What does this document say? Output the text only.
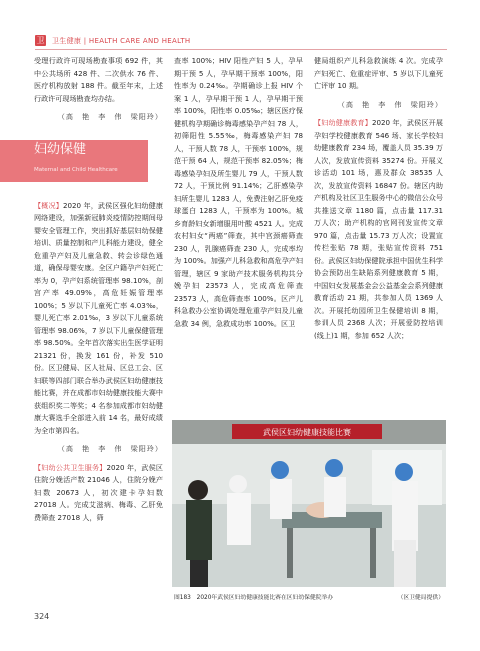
卫 卫生健康 | HEALTH CARE AND HEALTH

受理行政许可现场勘查事项 692 件，其中公共场所 428 件、二次供水 76 件、医疗机构放射 188 件。截至年末，上述行政许可现场勘查均办结。

（高　艳　李　伟　梁阳玲）
妇幼保健
Maternal and Child Healthcare

【概况】2020 年，武侯区强化妇幼健康网络建设，加强新冠肺炎疫情防控期间母婴安全管理工作，突出抓好基层妇幼保健培训、质量控制和产儿科能力建设，健全危重孕产妇及儿童急救、转会诊绿色通道，确保母婴安康。全区户籍孕产妇死亡率为 0，孕产妇系统管理率 98.10%，剖宫产率 49.09%，高危妊娠管理率 100%；5 岁以下儿童死亡率 4.03‰，婴儿死亡率 2.01‰，3 岁以下儿童系统管理率 98.06%，7 岁以下儿童保健管理率 98.50%。全年首次落实出生医学证明 21321 份，换发 161 份，补发 510 份。区卫健局、区人社局、区总工会、区妇联等四部门联合举办武侯区妇幼健康技能比赛，并在成都市妇幼健康技能大赛中获组织奖二等奖；4 名参加成都市妇幼健康大赛选手全部进入前 14 名，最好成绩为全市第四名。

（高　艳　李　伟　梁阳玲）

【妇幼公共卫生服务】2020 年，武侯区住院分娩活产数 21046 人，住院分娩产妇数 20673 人，初次建卡孕妇数 27018 人。完成艾滋病、梅毒、乙肝免费筛查 27018 人，筛

查率 100%；HIV 阳性产妇 5 人，孕早期干预 5 人，孕早期干预率 100%，阳性率为 0.24‰。孕期确诊上报 HIV 个案 1 人，孕早期干预 1 人，孕早期干预率 100%，阳性率 0.05‰；辖区医疗保健机构孕期确诊梅毒感染孕产妇 78 人，初筛阳性 5.55‰，梅毒感染产妇 78 人，干预人数 78 人，干预率 100%，规范干预 64 人，规范干预率 82.05%；梅毒感染孕妇及所生婴儿 79 人，干预人数 72 人，干预比例 91.14%；乙肝感染孕妇所生婴儿 1283 人，免费注射乙肝免疫球蛋白 1283 人，干预率为 100%。城乡育龄妇女新增服用叶酸 4521 人。完成农村妇女“两癌”筛查，其中宫颈癌筛查 230 人，乳腺癌筛查 230 人，完成率均为 100%。加强产儿科急救和高危孕产妇管理，辖区 9 家助产技术服务机构共分娩孕妇 23573 人，完成高危筛查 23573 人，高危筛查率 100%。区产儿科急救办公室协调处理危重孕产妇及儿童急救 34 例，急救成功率 100%。区卫

健局组织产儿科急救演练 4 次。完成孕产妇死亡、危重症评审、5 岁以下儿童死亡评审 10 期。

（高　艳　李　伟　梁阳玲）

【妇幼健康教育】2020 年，武侯区开展孕妇学校健康教育 546 场、家长学校妇幼健康教育 234 场，覆盖人员 35.39 万人次，发放宣传资料 35274 份。开展义诊活动 101 场，惠及群众 38535 人次，发放宣传资料 16847 份。辖区内助产机构及社区卫生服务中心的微信公众号共推送文章 1180 篇，点击量 117.31 万人次；助产机构的官网刊发宣传文章 970 篇，点击量 15.73 万人次；设置宣传栏张贴 78 期，张贴宣传资料 751 份。武侯区妇幼保健院承担中国优生科学协会预防出生缺陷系列健康教育 5 期，中国妇女发展基金会公益基金会系列健康教育活动 21 期，共参加人员 1369 人次。开展托幼园所卫生保健培训 8 期，参训人员 2368 人次；开展爱防控培训(线上)1 期，参加 652 人次；

武侯区妇幼健康技能比赛
图183　2020年武侯区妇幼健康技能比赛在区妇幼保健院举办	（区卫健局提供）
324
